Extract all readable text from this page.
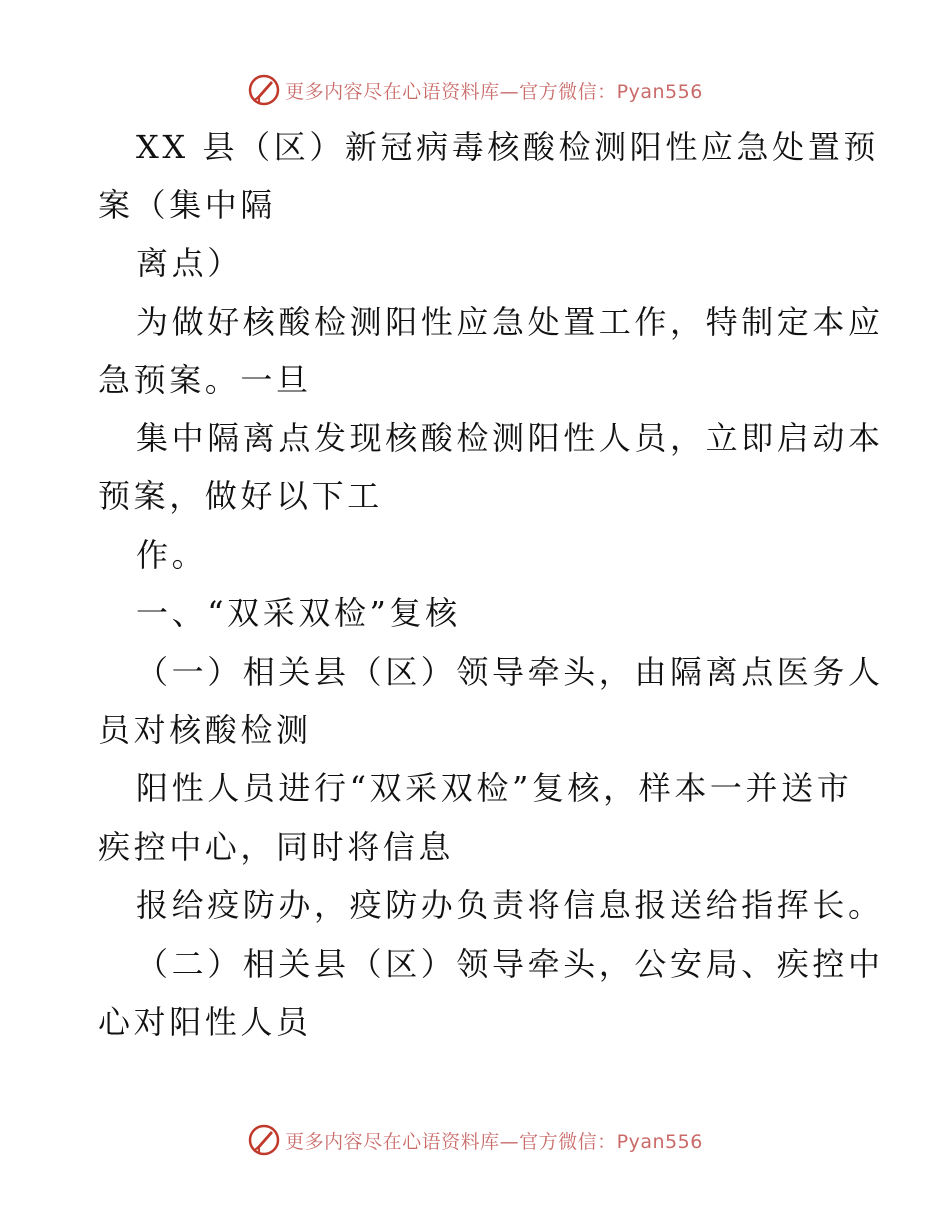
更多内容尽在心语资料库—官方微信：Pyan556
XX 县（区）新冠病毒核酸检测阳性应急处置预
案（集中隔
离点）
为做好核酸检测阳性应急处置工作，特制定本应
急预案。一旦
集中隔离点发现核酸检测阳性人员，立即启动本
预案，做好以下工
作。
一、“双采双检”复核
（一）相关县（区）领导牵头，由隔离点医务人
员对核酸检测
阳性人员进行“双采双检”复核，样本一并送市
疾控中心，同时将信息
报给疫防办，疫防办负责将信息报送给指挥长。
（二）相关县（区）领导牵头，公安局、疾控中
心对阳性人员
更多内容尽在心语资料库—官方微信：Pyan556
